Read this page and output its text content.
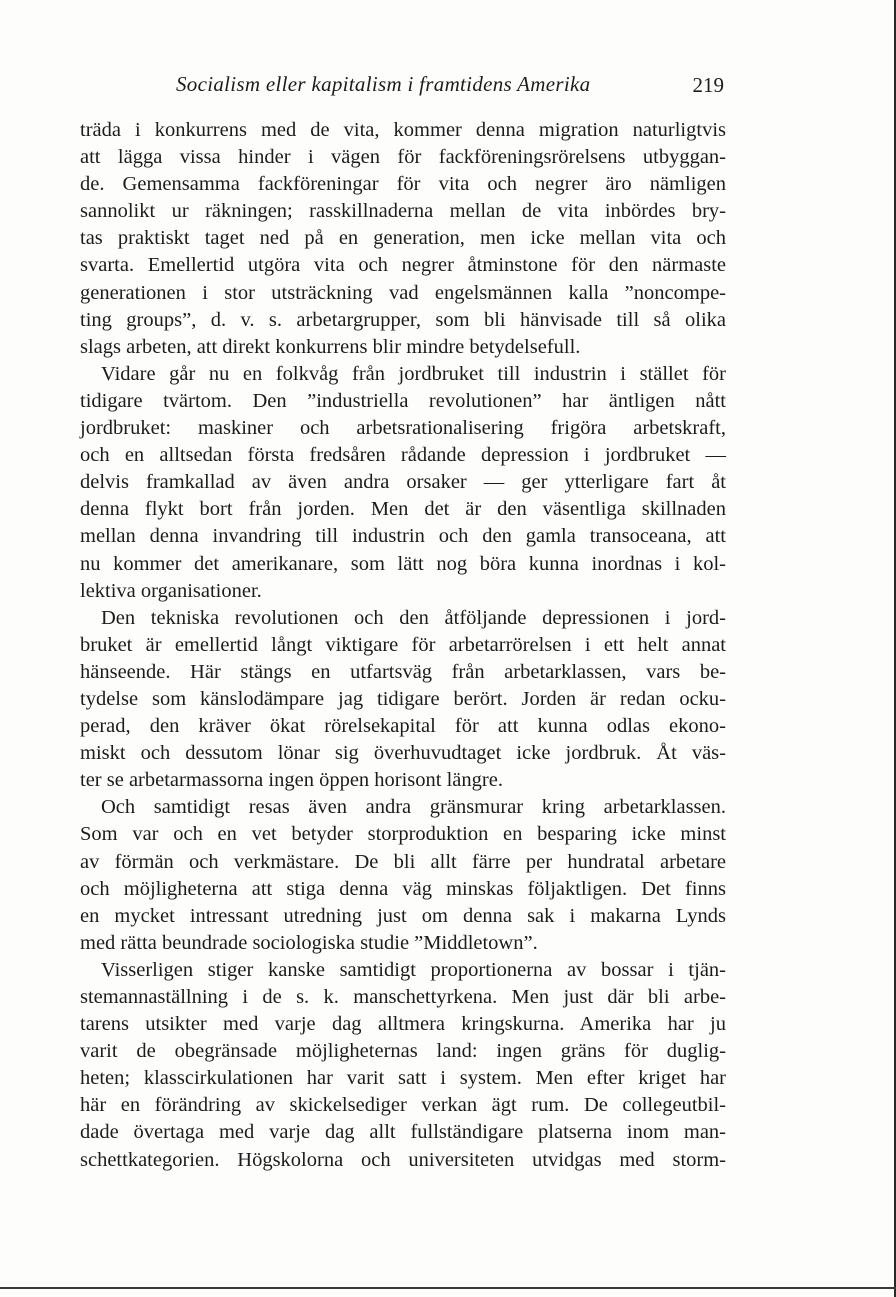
Socialism eller kapitalism i framtidens Amerika	219
träda i konkurrens med de vita, kommer denna migration naturligtvis
att lägga vissa hinder i vägen för fackföreningsrörelsens utbyggan-
de. Gemensamma fackföreningar för vita och negrer äro nämligen
sannolikt ur räkningen; rasskillnaderna mellan de vita inbördes bry-
tas praktiskt taget ned på en generation, men icke mellan vita och
svarta. Emellertid utgöra vita och negrer åtminstone för den närmaste
generationen i stor utsträckning vad engelsmännen kalla ”noncompe-
ting groups”, d. v. s. arbetargrupper, som bli hänvisade till så olika
slags arbeten, att direkt konkurrens blir mindre betydelsefull.
Vidare går nu en folkvåg från jordbruket till industrin i stället för
tidigare tvärtom. Den ”industriella revolutionen” har äntligen nått
jordbruket: maskiner och arbetsrationalisering frigöra arbetskraft,
och en alltsedan första fredsåren rådande depression i jordbruket —
delvis framkallad av även andra orsaker — ger ytterligare fart åt
denna flykt bort från jorden. Men det är den väsentliga skillnaden
mellan denna invandring till industrin och den gamla transoceana, att
nu kommer det amerikanare, som lätt nog böra kunna inordnas i kol-
lektiva organisationer.
Den tekniska revolutionen och den åtföljande depressionen i jord-
bruket är emellertid långt viktigare för arbetarrörelsen i ett helt annat
hänseende. Här stängs en utfartsväg från arbetarklassen, vars be-
tydelse som känslodämpare jag tidigare berört. Jorden är redan ocku-
perad, den kräver ökat rörelsekapital för att kunna odlas ekono-
miskt och dessutom lönar sig överhuvudtaget icke jordbruk. Åt väs-
ter se arbetarmassorna ingen öppen horisont längre.
Och samtidigt resas även andra gränsmurar kring arbetarklassen.
Som var och en vet betyder storproduktion en besparing icke minst
av förmän och verkmästare. De bli allt färre per hundratal arbetare
och möjligheterna att stiga denna väg minskas följaktligen. Det finns
en mycket intressant utredning just om denna sak i makarna Lynds
med rätta beundrade sociologiska studie ”Middletown”.
Visserligen stiger kanske samtidigt proportionerna av bossar i tjän-
stemannaställning i de s. k. manschettyrkena. Men just där bli arbe-
tarens utsikter med varje dag alltmera kringskurna. Amerika har ju
varit de obegränsade möjligheternas land: ingen gräns för duglig-
heten; klasscirkulationen har varit satt i system. Men efter kriget har
här en förändring av skickelsediger verkan ägt rum. De collegeutbil-
dade övertaga med varje dag allt fullständigare platserna inom man-
schettkategorien. Högskolorna och universiteten utvidgas med storm-
